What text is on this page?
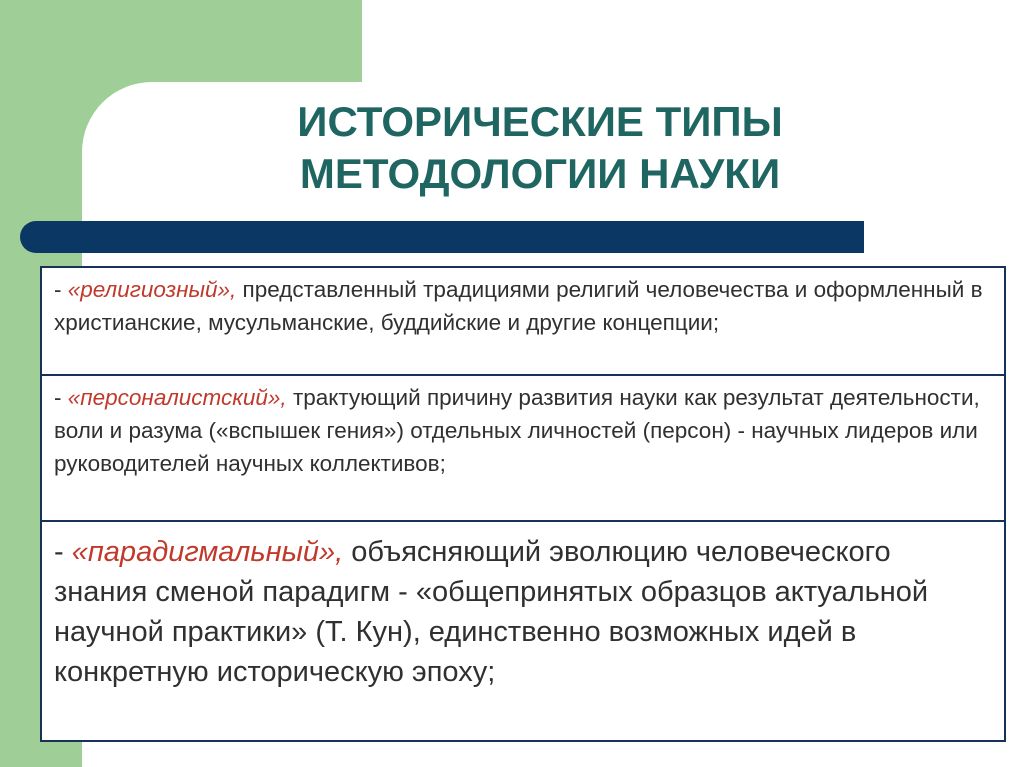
ИСТОРИЧЕСКИЕ ТИПЫ
МЕТОДОЛОГИИ НАУКИ
- «религиозный», представленный традициями религий человечества и оформленный в христианские, мусульманские, буддийские и другие концепции;
- «персоналистский», трактующий причину развития науки как результат деятельности, воли и разума («вспышек гения») отдельных личностей (персон) - научных лидеров или руководителей научных коллективов;
- «парадигмальный», объясняющий эволюцию человеческого знания сменой парадигм - «общепринятых образцов актуальной научной практики» (Т. Кун), единственно возможных идей в конкретную историческую эпоху;
